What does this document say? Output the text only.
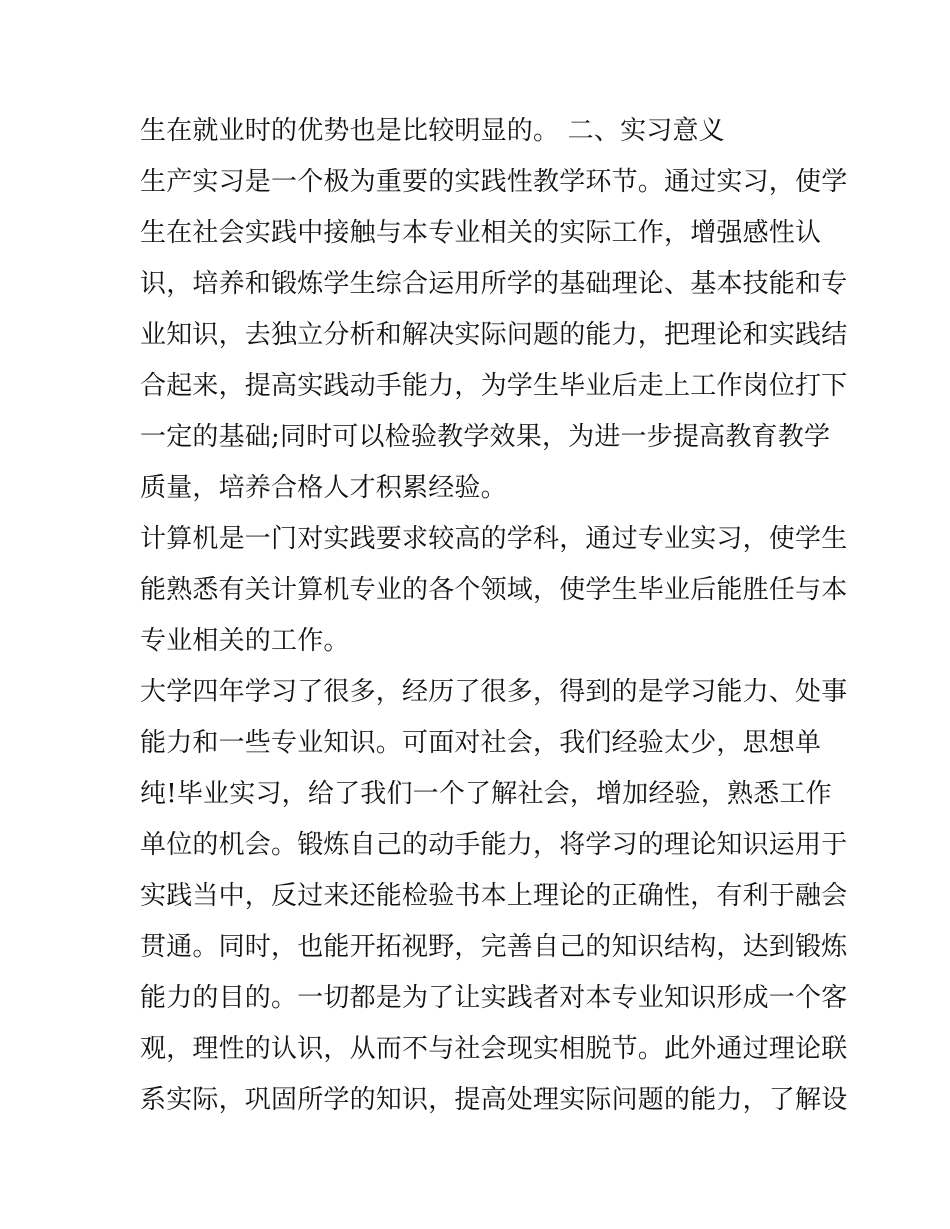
生在就业时的优势也是比较明显的。 二、实习意义
生产实习是一个极为重要的实践性教学环节。通过实习，使学
生在社会实践中接触与本专业相关的实际工作，增强感性认
识，培养和锻炼学生综合运用所学的基础理论、基本技能和专
业知识，去独立分析和解决实际问题的能力，把理论和实践结
合起来，提高实践动手能力，为学生毕业后走上工作岗位打下
一定的基础;同时可以检验教学效果，为进一步提高教育教学
质量，培养合格人才积累经验。
计算机是一门对实践要求较高的学科，通过专业实习，使学生
能熟悉有关计算机专业的各个领域，使学生毕业后能胜任与本
专业相关的工作。
大学四年学习了很多，经历了很多，得到的是学习能力、处事
能力和一些专业知识。可面对社会，我们经验太少，思想单
纯!毕业实习，给了我们一个了解社会，增加经验，熟悉工作
单位的机会。锻炼自己的动手能力，将学习的理论知识运用于
实践当中，反过来还能检验书本上理论的正确性，有利于融会
贯通。同时，也能开拓视野，完善自己的知识结构，达到锻炼
能力的目的。一切都是为了让实践者对本专业知识形成一个客
观，理性的认识，从而不与社会现实相脱节。此外通过理论联
系实际，巩固所学的知识，提高处理实际问题的能力，了解设
